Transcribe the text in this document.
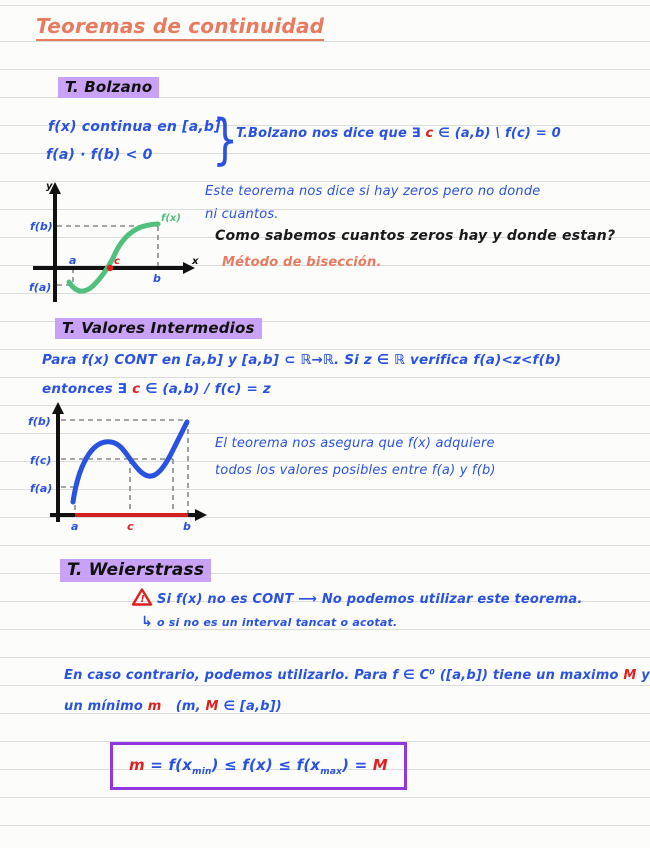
Teoremas de continuidad
T. Bolzano
f(x) continua en [a,b]
f(a) · f(b) < 0 }
T.Bolzano nos dice que ∃ c ∈ (a,b) \ f(c) = 0
y
x
f(b)
f(a)
a	c
b
f(x)
Este teorema nos dice si hay zeros pero no donde ni cuantos.
Como sabemos cuantos zeros hay y donde estan?
Método de bisección.
T. Valores Intermedios
Para f(x) CONT en [a,b] y [a,b] ⊂ ℝ→ℝ. Si z ∈ ℝ verifica f(a)<z<f(b)
entonces ∃ c ∈ (a,b) / f(c) = z
f(b)
f(c)
f(a)
a	c	b
El teorema nos asegura que f(x) adquiere todos los valores posibles entre f(a) y f(b)
T. Weierstrass
! Si f(x) no es CONT ⟶ No podemos utilizar este teorema.
↳ o si no es un interval tancat o acotat.
En caso contrario, podemos utilizarlo. Para f ∈ C⁰ ([a,b]) tiene un maximo M y
un mínimo m   (m, M ∈ [a,b])
$m = f(x_{min}) \le f(x) \le f(x_{max}) = M$
